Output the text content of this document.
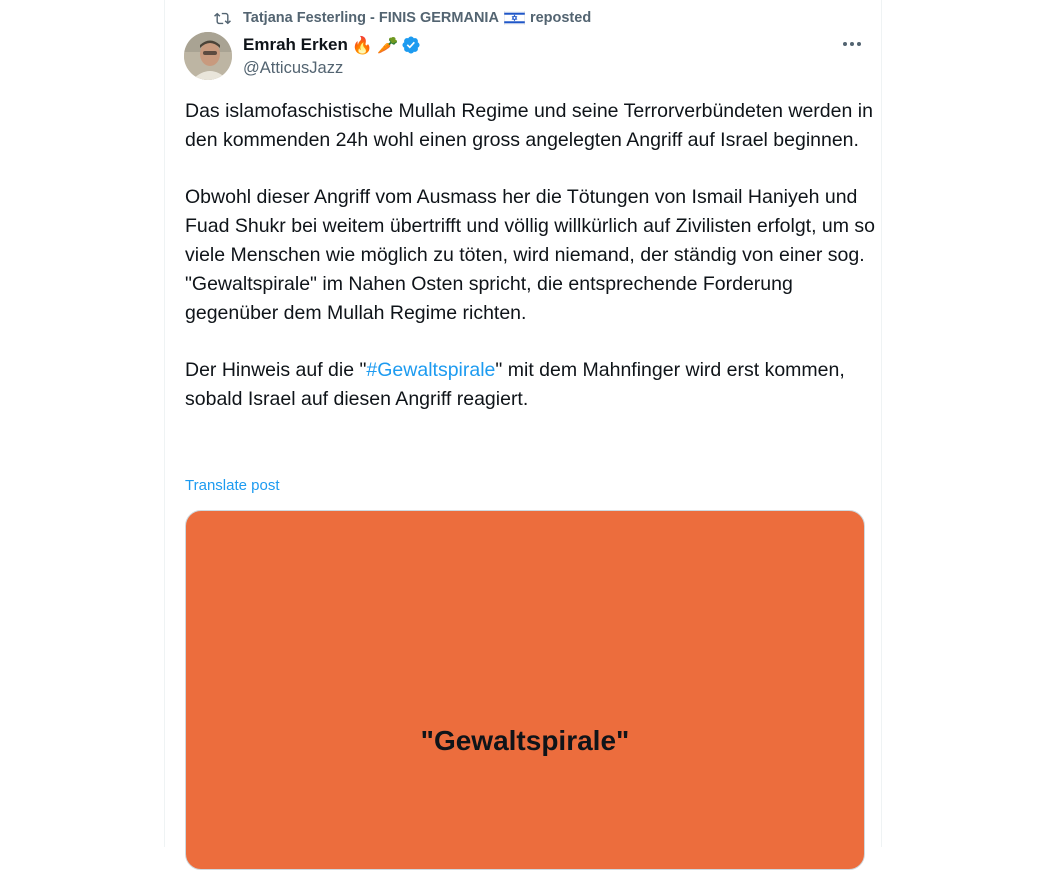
Tatjana Festerling - FINIS GERMANIA reposted
Emrah Erken 🔥 🥕
@AtticusJazz

Das islamofaschistische Mullah Regime und seine Terrorverbündeten werden in den kommenden 24h wohl einen gross angelegten Angriff auf Israel beginnen.

Obwohl dieser Angriff vom Ausmass her die Tötungen von Ismail Haniyeh und Fuad Shukr bei weitem übertrifft und völlig willkürlich auf Zivilisten erfolgt, um so viele Menschen wie möglich zu töten, wird niemand, der ständig von einer sog. "Gewaltspirale" im Nahen Osten spricht, die entsprechende Forderung gegenüber dem Mullah Regime richten.

Der Hinweis auf die "#Gewaltspirale" mit dem Mahnfinger wird erst kommen, sobald Israel auf diesen Angriff reagiert.

Translate post
"Gewaltspirale"
